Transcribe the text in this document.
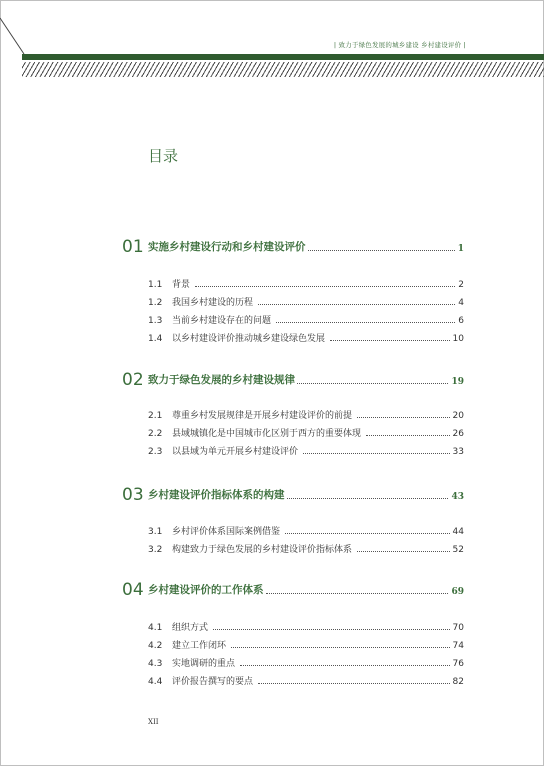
| 致力于绿色发展的城乡建设 乡村建设评价 |
目录
01 实施乡村建设行动和乡村建设评价	1
1.1	背景	2
1.2	我国乡村建设的历程	4
1.3	当前乡村建设存在的问题	6
1.4	以乡村建设评价推动城乡建设绿色发展	10
02 致力于绿色发展的乡村建设规律	19
2.1	尊重乡村发展规律是开展乡村建设评价的前提	20
2.2	县域城镇化是中国城市化区别于西方的重要体现	26
2.3	以县域为单元开展乡村建设评价	33
03 乡村建设评价指标体系的构建	43
3.1	乡村评价体系国际案例借鉴	44
3.2	构建致力于绿色发展的乡村建设评价指标体系	52
04 乡村建设评价的工作体系	69
4.1	组织方式	70
4.2	建立工作闭环	74
4.3	实地调研的重点	76
4.4	评价报告撰写的要点	82
XII
